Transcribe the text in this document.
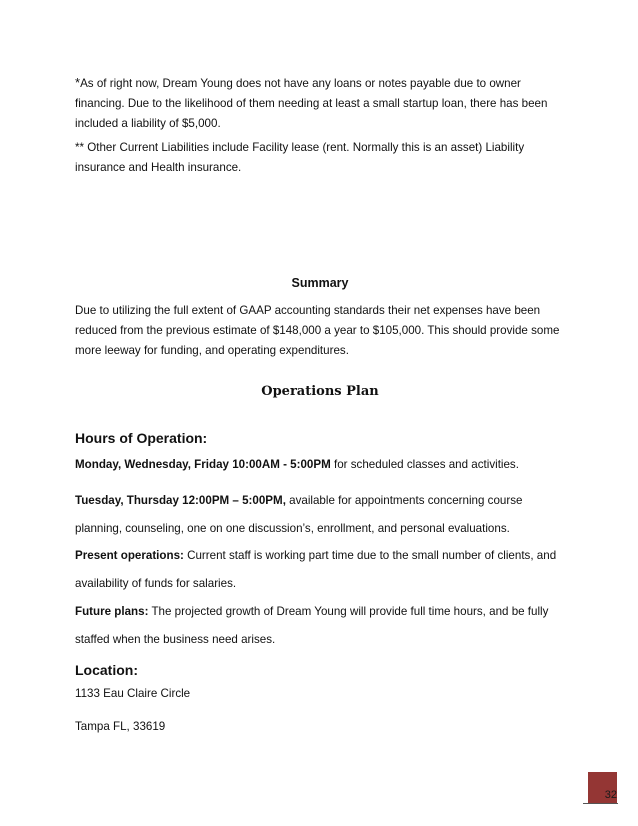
*As of right now, Dream Young does not have any loans or notes payable due to owner financing. Due to the likelihood of them needing at least a small startup loan, there has been included a liability of $5,000.

** Other Current Liabilities include Facility lease (rent. Normally this is an asset) Liability insurance and Health insurance.

Summary

Due to utilizing the full extent of GAAP accounting standards their net expenses have been reduced from the previous estimate of $148,000 a year to $105,000. This should provide some more leeway for funding, and operating expenditures.

Operations Plan
Hours of Operation:

Monday, Wednesday, Friday 10:00AM - 5:00PM for scheduled classes and activities.

Tuesday, Thursday 12:00PM – 5:00PM, available for appointments concerning course planning, counseling, one on one discussion’s, enrollment, and personal evaluations.

Present operations: Current staff is working part time due to the small number of clients, and availability of funds for salaries.

Future plans: The projected growth of Dream Young will provide full time hours, and be fully staffed when the business need arises.

Location:

1133 Eau Claire Circle

Tampa FL, 33619

32
